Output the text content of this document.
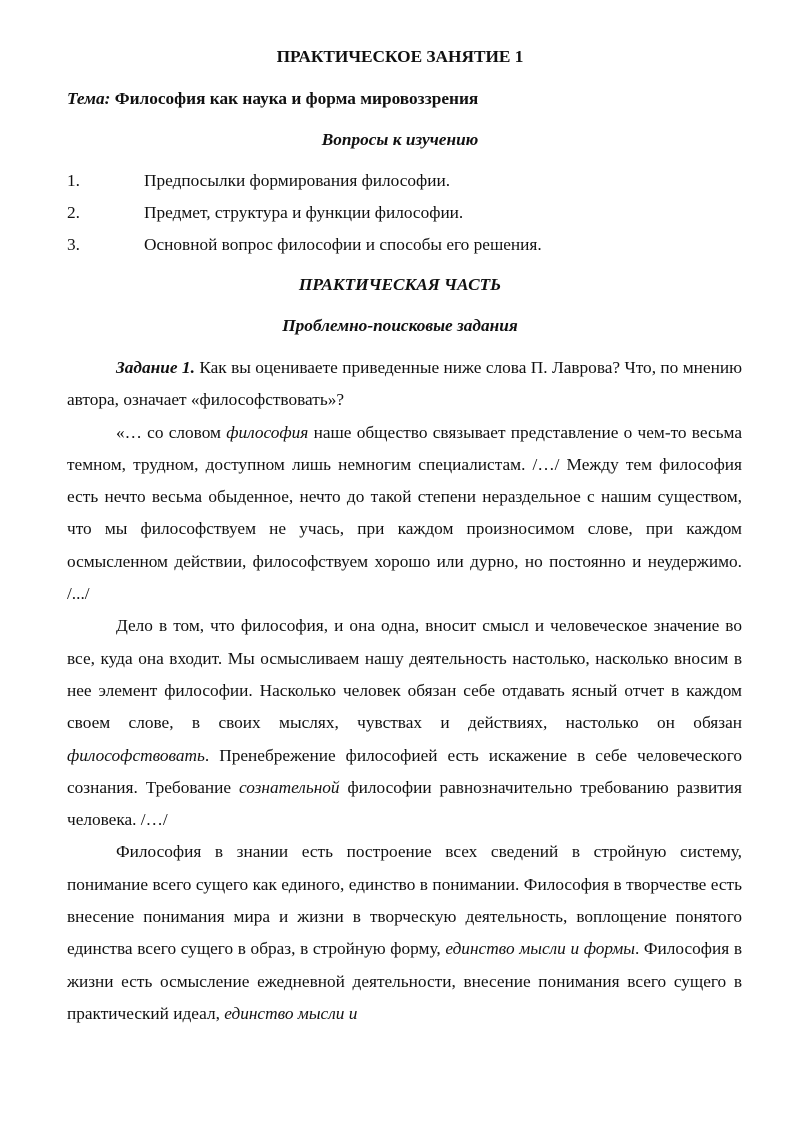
ПРАКТИЧЕСКОЕ ЗАНЯТИЕ 1
Тема: Философия как наука и форма мировоззрения
Вопросы к изучению
1.	Предпосылки формирования философии.
2.	Предмет, структура и функции философии.
3.	Основной вопрос философии и способы его решения.
ПРАКТИЧЕСКАЯ ЧАСТЬ
Проблемно-поисковые задания

Задание 1. Как вы оцениваете приведенные ниже слова П. Лаврова? Что, по мнению автора, означает «философствовать»?

«… со словом философия наше общество связывает представление о чем-то весьма темном, трудном, доступном лишь немногим специалистам. /…/ Между тем философия есть нечто весьма обыденное, нечто до такой степени нераздельное с нашим существом, что мы философствуем не учась, при каждом произносимом слове, при каждом осмысленном действии, философствуем хорошо или дурно, но постоянно и неудержимо. /.../

Дело в том, что философия, и она одна, вносит смысл и человеческое значение во все, куда она входит. Мы осмысливаем нашу деятельность настолько, насколько вносим в нее элемент философии. Насколько человек обязан себе отдавать ясный отчет в каждом своем слове, в своих мыслях, чувствах и действиях, настолько он обязан философствовать. Пренебрежение философией есть искажение в себе человеческого сознания. Требование сознательной философии равнозначительно требованию развития человека. /…/

Философия в знании есть построение всех сведений в стройную систему, понимание всего сущего как единого, единство в понимании. Философия в творчестве есть внесение понимания мира и жизни в творческую деятельность, воплощение понятого единства всего сущего в образ, в стройную форму, единство мысли и формы. Философия в жизни есть осмысление ежедневной деятельности, внесение понимания всего сущего в практический идеал, единство мысли и
